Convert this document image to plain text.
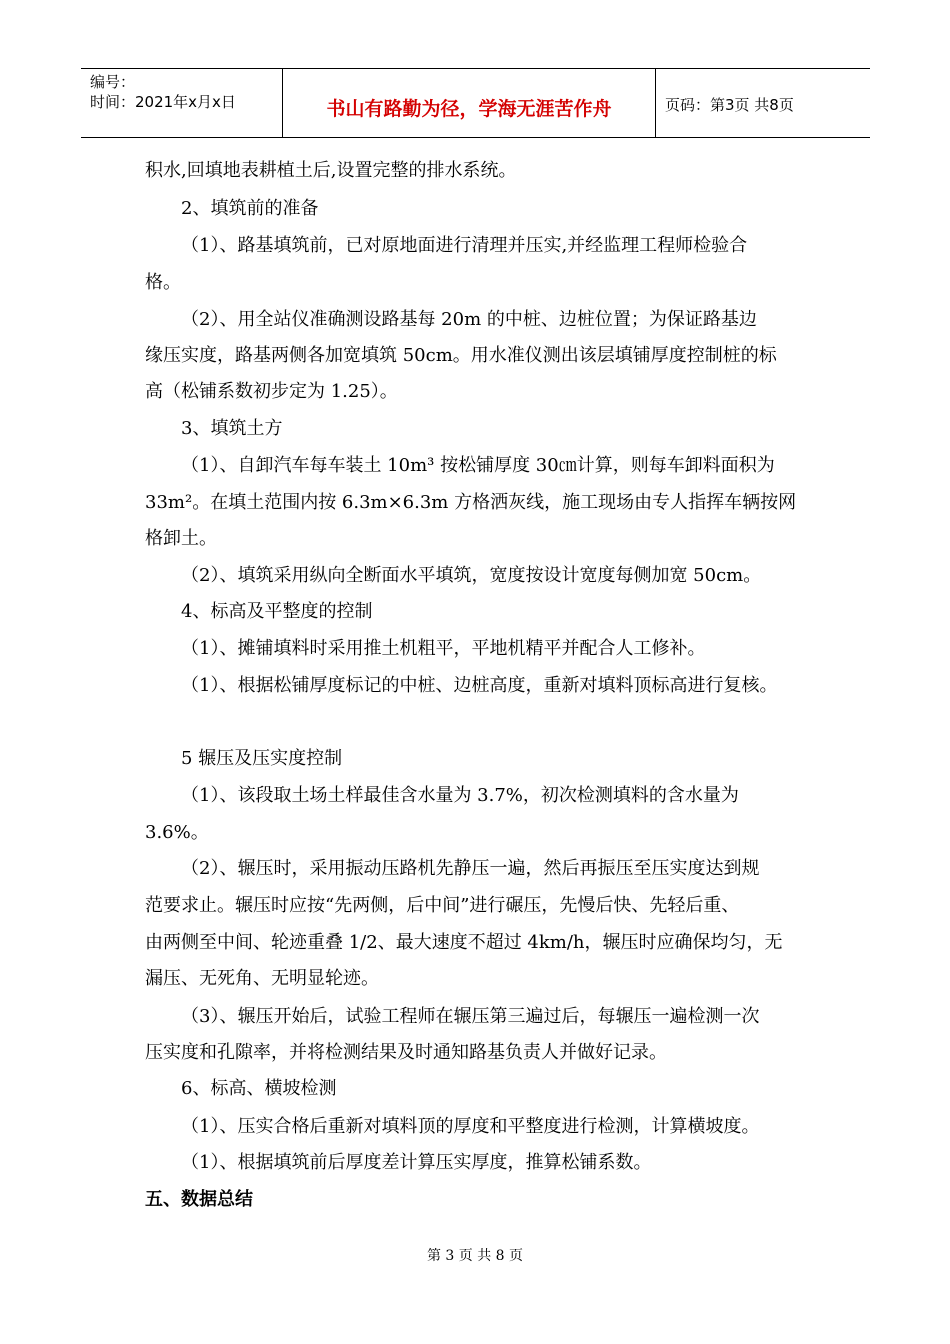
编号：
时间：2021年x月x日	书山有路勤为径，学海无涯苦作舟	页码：第3页 共8页
积水,回填地表耕植土后,设置完整的排水系统。
2、填筑前的准备
（1）、路基填筑前，已对原地面进行清理并压实,并经监理工程师检验合
格。
（2）、用全站仪准确测设路基每 20m 的中桩、边桩位置；为保证路基边
缘压实度，路基两侧各加宽填筑 50cm。用水准仪测出该层填铺厚度控制桩的标
高（松铺系数初步定为 1.25）。
3、填筑土方
（1）、自卸汽车每车装土 10m³ 按松铺厚度 30㎝计算，则每车卸料面积为
33m²。在填土范围内按 6.3m×6.3m 方格洒灰线，施工现场由专人指挥车辆按网
格卸土。
（2）、填筑采用纵向全断面水平填筑，宽度按设计宽度每侧加宽 50cm。
4、标高及平整度的控制
（1）、摊铺填料时采用推土机粗平，平地机精平并配合人工修补。
（1）、根据松铺厚度标记的中桩、边桩高度，重新对填料顶标高进行复核。
5 辗压及压实度控制
（1）、该段取土场土样最佳含水量为 3.7%，初次检测填料的含水量为
3.6%。
（2）、辗压时，采用振动压路机先静压一遍，然后再振压至压实度达到规
范要求止。辗压时应按“先两侧，后中间”进行碾压，先慢后快、先轻后重、
由两侧至中间、轮迹重叠 1/2、最大速度不超过 4km/h，辗压时应确保均匀，无
漏压、无死角、无明显轮迹。
（3）、辗压开始后，试验工程师在辗压第三遍过后，每辗压一遍检测一次
压实度和孔隙率，并将检测结果及时通知路基负责人并做好记录。
6、标高、横坡检测
（1）、压实合格后重新对填料顶的厚度和平整度进行检测，计算横坡度。
（1）、根据填筑前后厚度差计算压实厚度，推算松铺系数。
五、数据总结
第 3 页 共 8 页
